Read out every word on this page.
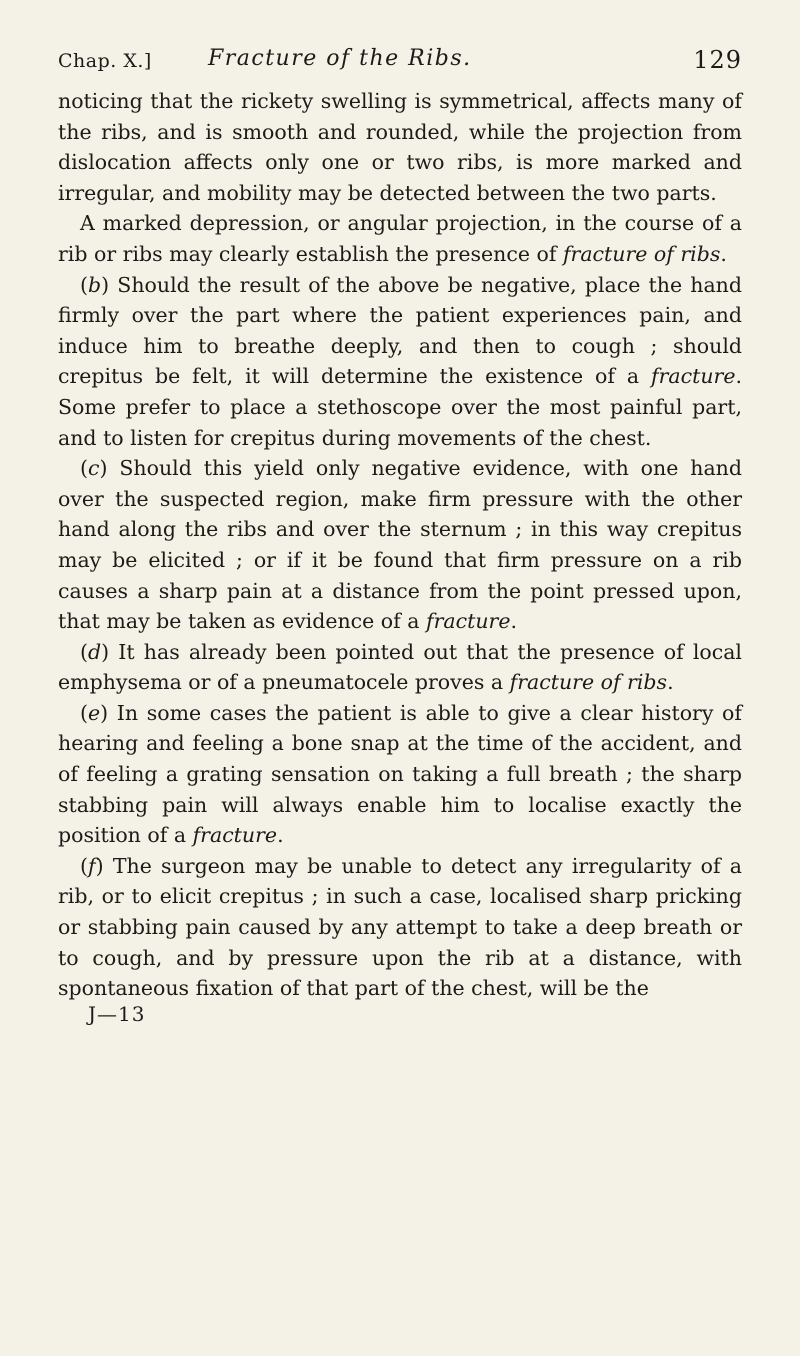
Chap. X.]	Fracture of the Ribs.	129

noticing that the rickety swelling is symmetrical, affects many of the ribs, and is smooth and rounded, while the projection from dislocation affects only one or two ribs, is more marked and irregular, and mobility may be detected between the two parts.

A marked depression, or angular projection, in the course of a rib or ribs may clearly establish the presence of fracture of ribs.

(b) Should the result of the above be negative, place the hand firmly over the part where the patient experiences pain, and induce him to breathe deeply, and then to cough ; should crepitus be felt, it will determine the existence of a fracture. Some prefer to place a stethoscope over the most painful part, and to listen for crepitus during movements of the chest.

(c) Should this yield only negative evidence, with one hand over the suspected region, make firm pressure with the other hand along the ribs and over the sternum ; in this way crepitus may be elicited ; or if it be found that firm pressure on a rib causes a sharp pain at a distance from the point pressed upon, that may be taken as evidence of a fracture.

(d) It has already been pointed out that the presence of local emphysema or of a pneumatocele proves a fracture of ribs.

(e) In some cases the patient is able to give a clear history of hearing and feeling a bone snap at the time of the accident, and of feeling a grating sensation on taking a full breath ; the sharp stabbing pain will always enable him to localise exactly the position of a fracture.

(f) The surgeon may be unable to detect any irregularity of a rib, or to elicit crepitus ; in such a case, localised sharp pricking or stabbing pain caused by any attempt to take a deep breath or to cough, and by pressure upon the rib at a distance, with spontaneous fixation of that part of the chest, will be the

J—13
